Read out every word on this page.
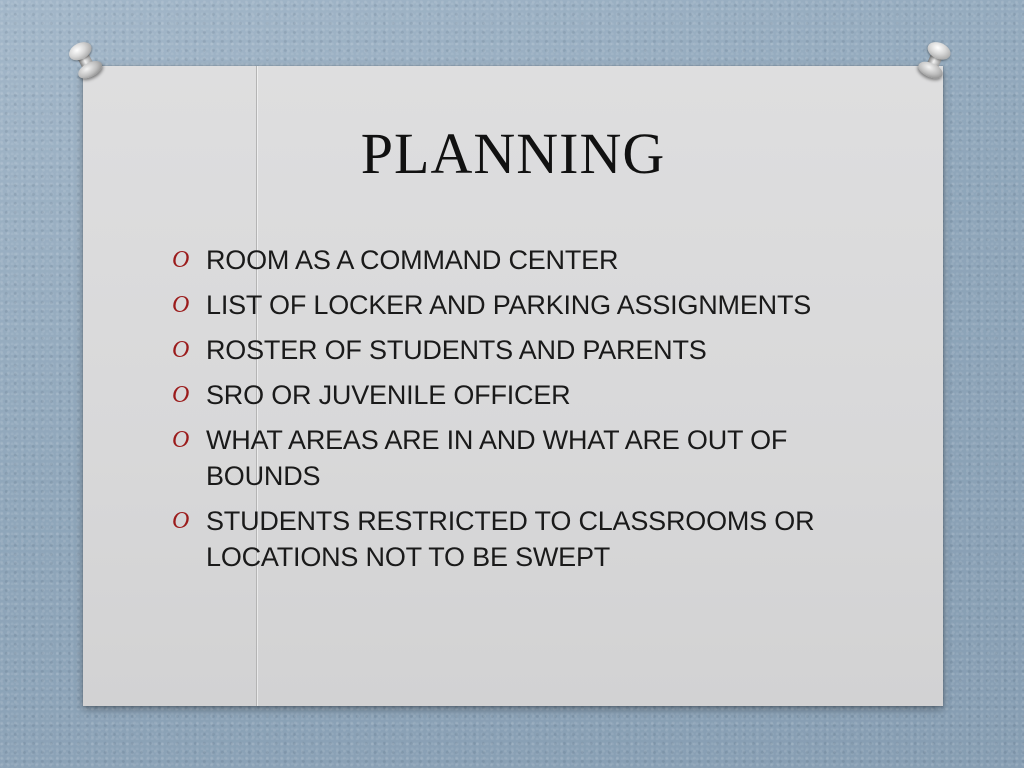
PLANNING
O ROOM AS A COMMAND CENTER
O LIST OF LOCKER AND PARKING ASSIGNMENTS
O ROSTER OF STUDENTS AND PARENTS
O SRO OR JUVENILE OFFICER
O WHAT AREAS ARE IN AND WHAT ARE OUT OF BOUNDS
O STUDENTS RESTRICTED TO CLASSROOMS OR LOCATIONS NOT TO BE SWEPT
